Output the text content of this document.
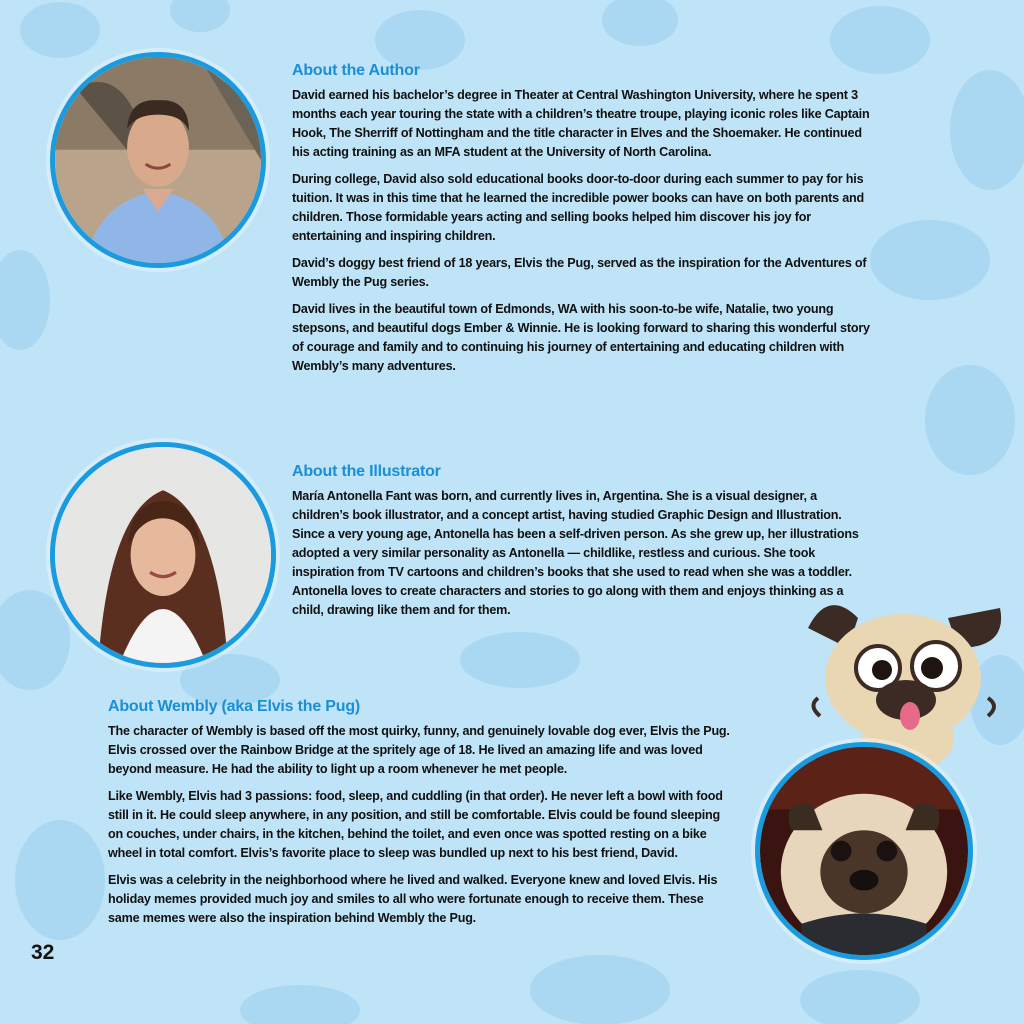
About the Author

David earned his bachelor’s degree in Theater at Central Washington University, where he spent 3 months each year touring the state with a children’s theatre troupe, playing iconic roles like Captain Hook, The Sherriff of Nottingham and the title character in Elves and the Shoemaker. He continued his acting training as an MFA student at the University of North Carolina.

During college, David also sold educational books door-to-door during each summer to pay for his tuition. It was in this time that he learned the incredible power books can have on both parents and children. Those formidable years acting and selling books helped him discover his joy for entertaining and inspiring children.

David’s doggy best friend of 18 years, Elvis the Pug, served as the inspiration for the Adventures of Wembly the Pug series.

David lives in the beautiful town of Edmonds, WA with his soon-to-be wife, Natalie, two young stepsons, and beautiful dogs Ember & Winnie. He is looking forward to sharing this wonderful story of courage and family and to continuing his journey of entertaining and educating children with Wembly’s many adventures.

About the Illustrator

María Antonella Fant was born, and currently lives in, Argentina. She is a visual designer, a children’s book illustrator, and a concept artist, having studied Graphic Design and Illustration. Since a very young age, Antonella has been a self-driven person. As she grew up, her illustrations adopted a very similar personality as Antonella — childlike, restless and curious. She took inspiration from TV cartoons and children’s books that she used to read when she was a toddler. Antonella loves to create characters and stories to go along with them and enjoys thinking as a child, drawing like them and for them.

About Wembly (aka Elvis the Pug)

The character of Wembly is based off the most quirky, funny, and genuinely lovable dog ever, Elvis the Pug. Elvis crossed over the Rainbow Bridge at the spritely age of 18. He lived an amazing life and was loved beyond measure. He had the ability to light up a room whenever he met people.

Like Wembly, Elvis had 3 passions: food, sleep, and cuddling (in that order). He never left a bowl with food still in it. He could sleep anywhere, in any position, and still be comfortable. Elvis could be found sleeping on couches, under chairs, in the kitchen, behind the toilet, and even once was spotted resting on a bike wheel in total comfort. Elvis’s favorite place to sleep was bundled up next to his best friend, David.

Elvis was a celebrity in the neighborhood where he lived and walked. Everyone knew and loved Elvis. His holiday memes provided much joy and smiles to all who were fortunate enough to receive them. These same memes were also the inspiration behind Wembly the Pug.

32
